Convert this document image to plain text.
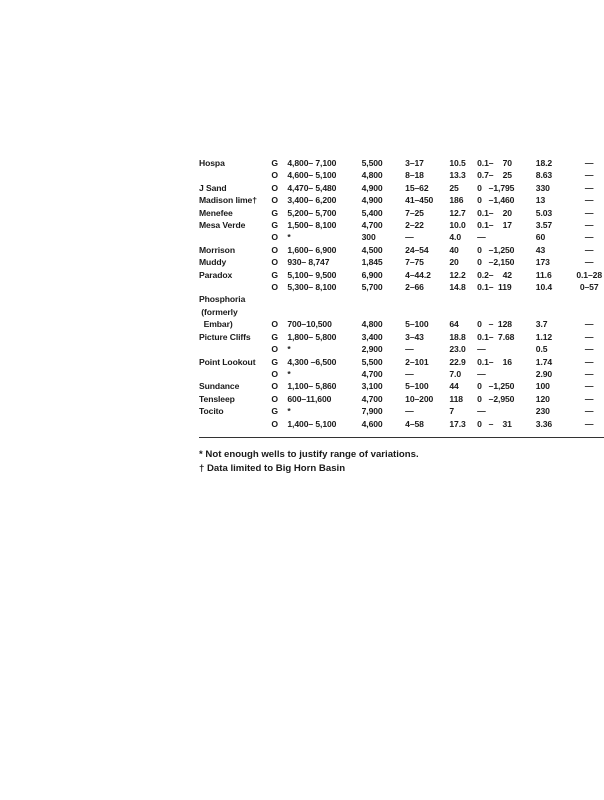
Hospa	G	4,800– 7,100	5,500	3–17	10.5	0.1–    70	18.2	—
	O	4,600– 5,100	4,800	8–18	13.3	0.7–    25	8.63	—
J Sand	O	4,470– 5,480	4,900	15–62	25	0   –1,795	330	—
Madison lime†	O	3,400– 6,200	4,900	41–450	186	0   –1,460	13	—
Menefee	G	5,200– 5,700	5,400	7–25	12.7	0.1–    20	5.03	—
Mesa Verde	G	1,500– 8,100	4,700	2–22	10.0	0.1–    17	3.57	—
	O	*	300	—	4.0	—	60	—
Morrison	O	1,600– 6,900	4,500	24–54	40	0   –1,250	43	—
Muddy	O	930– 8,747	1,845	7–75	20	0   –2,150	173	—
Paradox	G	5,100– 9,500	6,900	4–44.2	12.2	0.2–    42	11.6	0.1–28
	O	5,300– 8,100	5,700	2–66	14.8	0.1–  119	10.4	0–57
Phosphoria								
(formerly								
Embar)	O	700–10,500	4,800	5–100	64	0   –  128	3.7	—
Picture Cliffs	G	1,800– 5,800	3,400	3–43	18.8	0.1–  7.68	1.12	—
	O	*	2,900	—	23.0	—	0.5	—
Point Lookout	G	4,300 –6,500	5,500	2–101	22.9	0.1–    16	1.74	—
	O	*	4,700	—	7.0	—	2.90	—
Sundance	O	1,100– 5,860	3,100	5–100	44	0   –1,250	100	—
Tensleep	O	600–11,600	4,700	10–200	118	0   –2,950	120	—
Tocito	G	*	7,900	—	7	—	230	—
	O	1,400– 5,100	4,600	4–58	17.3	0   –    31	3.36	—
* Not enough wells to justify range of variations.
† Data limited to Big Horn Basin
